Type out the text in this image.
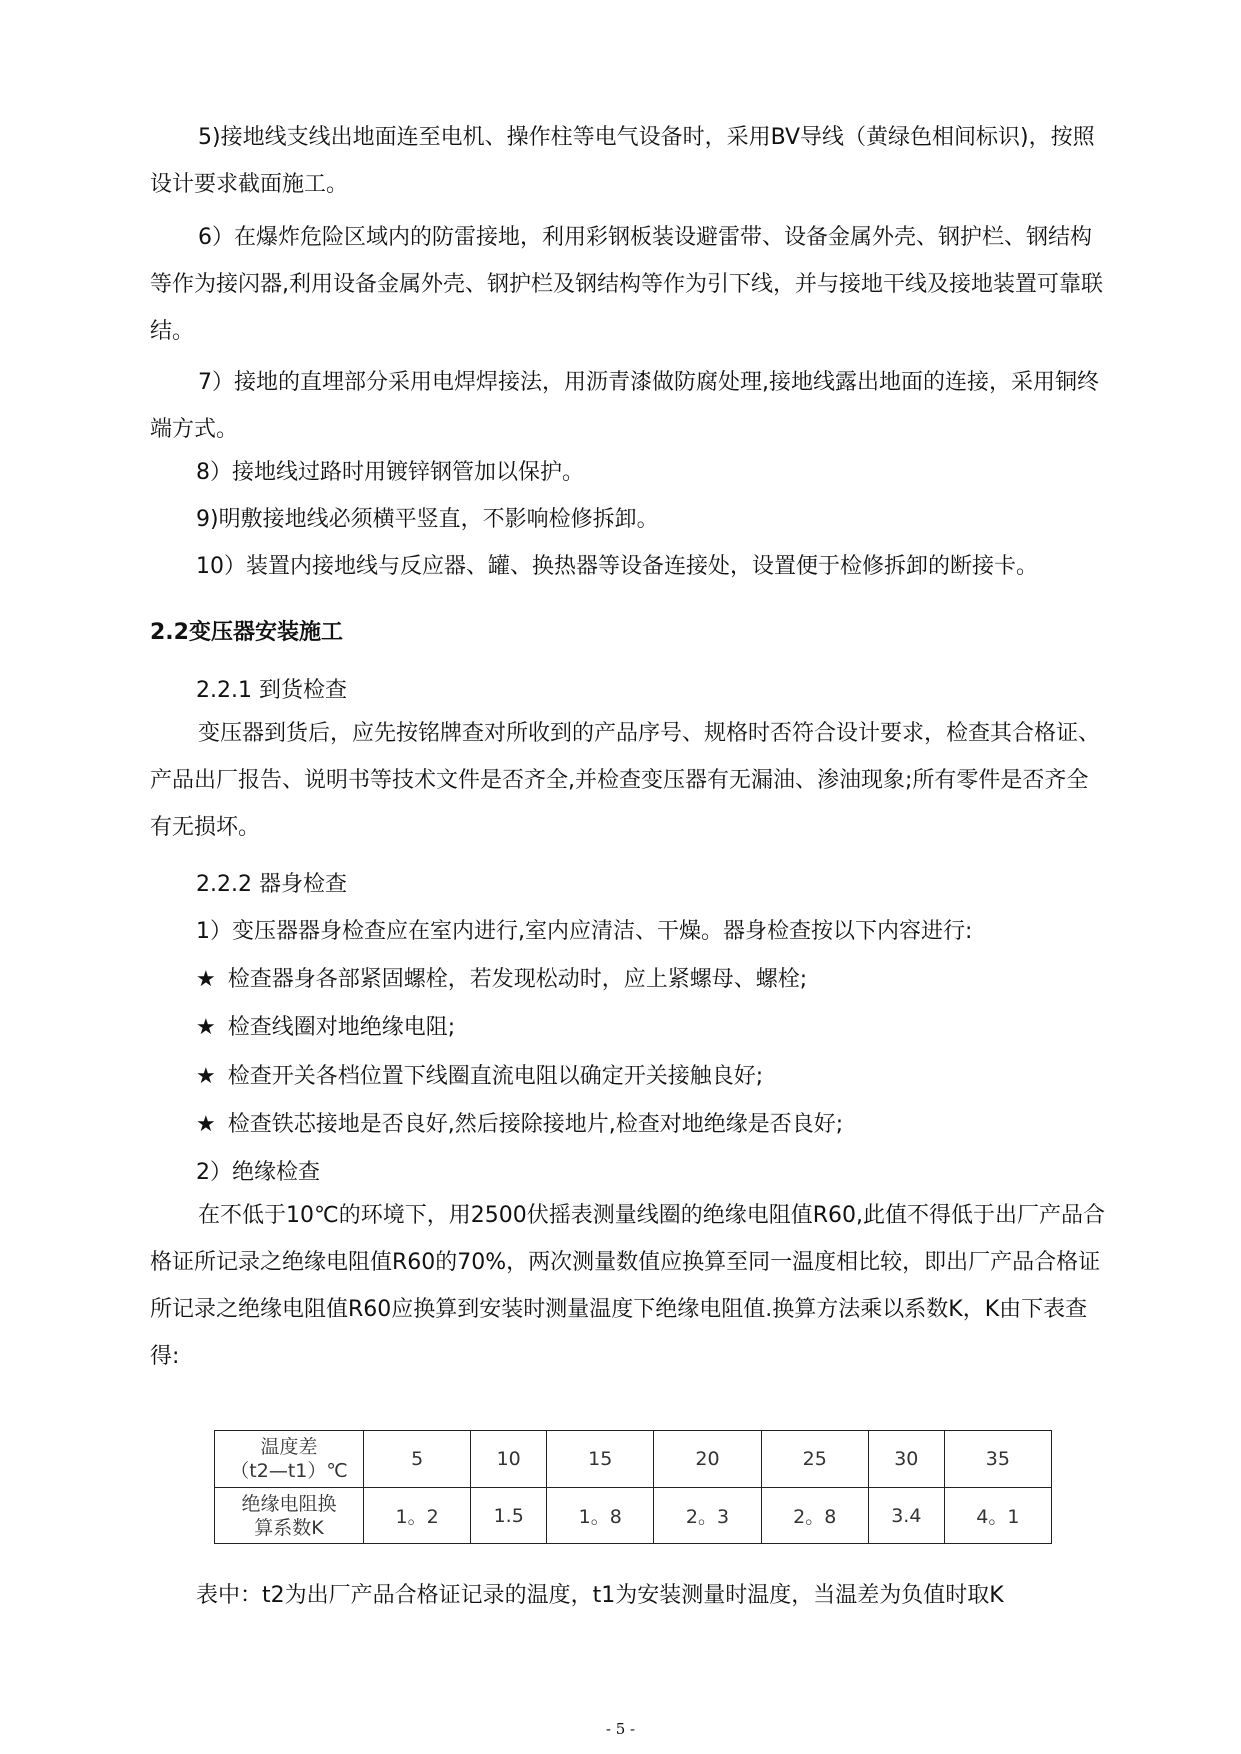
5)接地线支线出地面连至电机、操作柱等电气设备时，采用BV导线（黄绿色相间标识)，按照设计要求截面施工。

6）在爆炸危险区域内的防雷接地，利用彩钢板装设避雷带、设备金属外壳、钢护栏、钢结构等作为接闪器,利用设备金属外壳、钢护栏及钢结构等作为引下线，并与接地干线及接地装置可靠联结。

7）接地的直埋部分采用电焊焊接法，用沥青漆做防腐处理,接地线露出地面的连接，采用铜终端方式。

8）接地线过路时用镀锌钢管加以保护。
9)明敷接地线必须横平竖直，不影响检修拆卸。
10）装置内接地线与反应器、罐、换热器等设备连接处，设置便于检修拆卸的断接卡。
2.2变压器安装施工
2.2.1 到货检查

变压器到货后，应先按铭牌查对所收到的产品序号、规格时否符合设计要求，检查其合格证、产品出厂报告、说明书等技术文件是否齐全,并检查变压器有无漏油、渗油现象;所有零件是否齐全有无损坏。

2.2.2 器身检查
1）变压器器身检查应在室内进行,室内应清洁、干燥。器身检查按以下内容进行:
★ 检查器身各部紧固螺栓，若发现松动时，应上紧螺母、螺栓;
★ 检查线圈对地绝缘电阻;
★ 检查开关各档位置下线圈直流电阻以确定开关接触良好;
★ 检查铁芯接地是否良好,然后接除接地片,检查对地绝缘是否良好;
2）绝缘检查

在不低于10℃的环境下，用2500伏摇表测量线圈的绝缘电阻值R60,此值不得低于出厂产品合格证所记录之绝缘电阻值R60的70%，两次测量数值应换算至同一温度相比较，即出厂产品合格证所记录之绝缘电阻值R60应换算到安装时测量温度下绝缘电阻值.换算方法乘以系数K，K由下表查得:

温度差
（t2—t1）℃	5	10	15	20	25	30	35

绝缘电阻换
算系数K	1。2	1.5	1。8	2。3	2。8	3.4	4。1
表中：t2为出厂产品合格证记录的温度，t1为安装测量时温度，当温差为负值时取K
- 5 -
